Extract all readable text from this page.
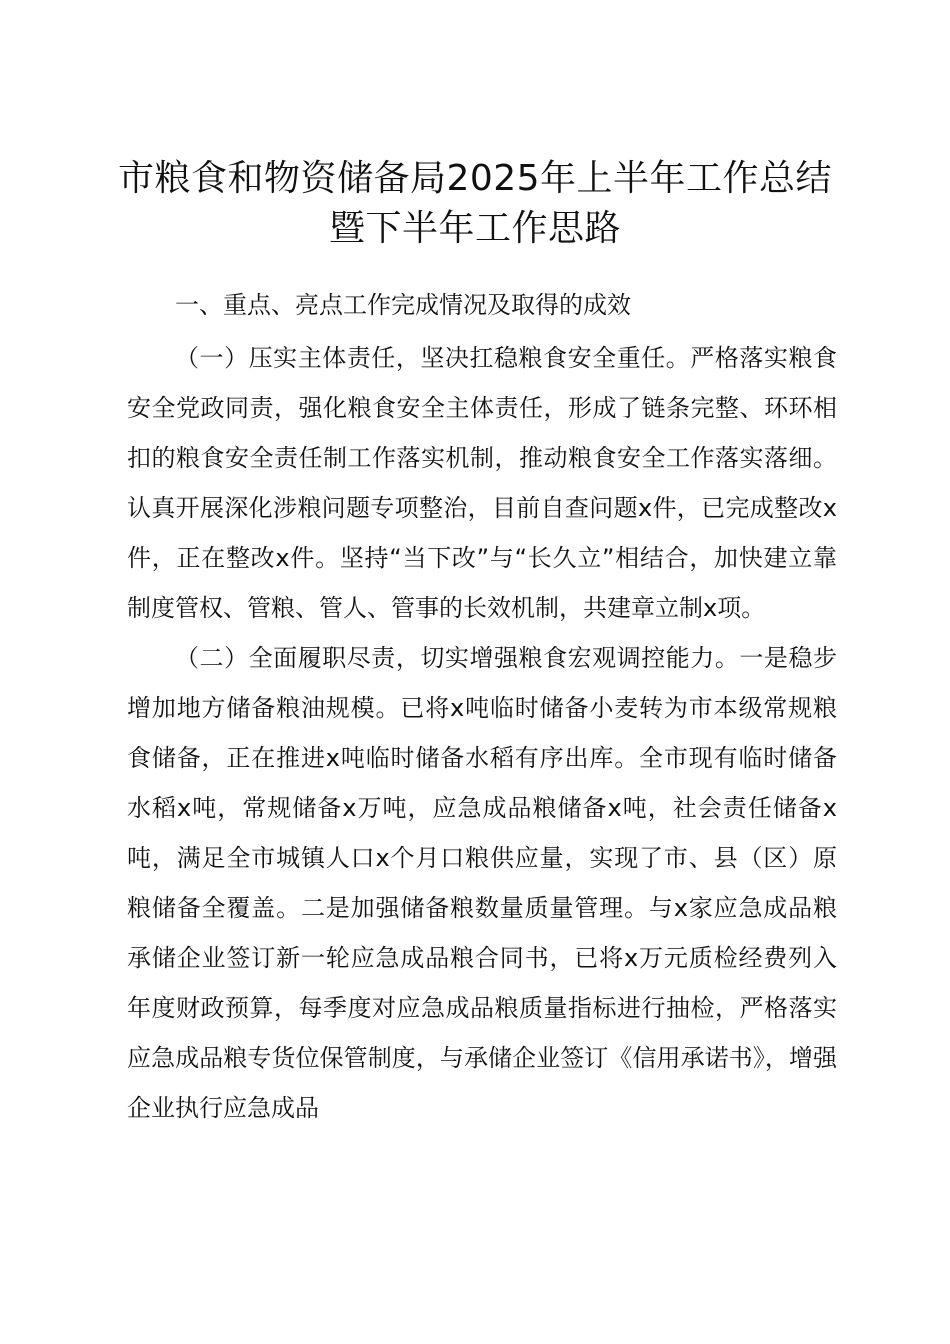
市粮食和物资储备局2025年上半年工作总结
暨下半年工作思路

一、重点、亮点工作完成情况及取得的成效

（一）压实主体责任，坚决扛稳粮食安全重任。严格落实粮食安全党政同责，强化粮食安全主体责任，形成了链条完整、环环相扣的粮食安全责任制工作落实机制，推动粮食安全工作落实落细。认真开展深化涉粮问题专项整治，目前自查问题x件，已完成整改x件，正在整改x件。坚持“当下改”与“长久立”相结合，加快建立靠制度管权、管粮、管人、管事的长效机制，共建章立制x项。

（二）全面履职尽责，切实增强粮食宏观调控能力。一是稳步增加地方储备粮油规模。已将x吨临时储备小麦转为市本级常规粮食储备，正在推进x吨临时储备水稻有序出库。全市现有临时储备水稻x吨，常规储备x万吨，应急成品粮储备x吨，社会责任储备x吨，满足全市城镇人口x个月口粮供应量，实现了市、县（区）原粮储备全覆盖。二是加强储备粮数量质量管理。与x家应急成品粮承储企业签订新一轮应急成品粮合同书，已将x万元质检经费列入年度财政预算，每季度对应急成品粮质量指标进行抽检，严格落实应急成品粮专货位保管制度，与承储企业签订《信用承诺书》，增强企业执行应急成品
